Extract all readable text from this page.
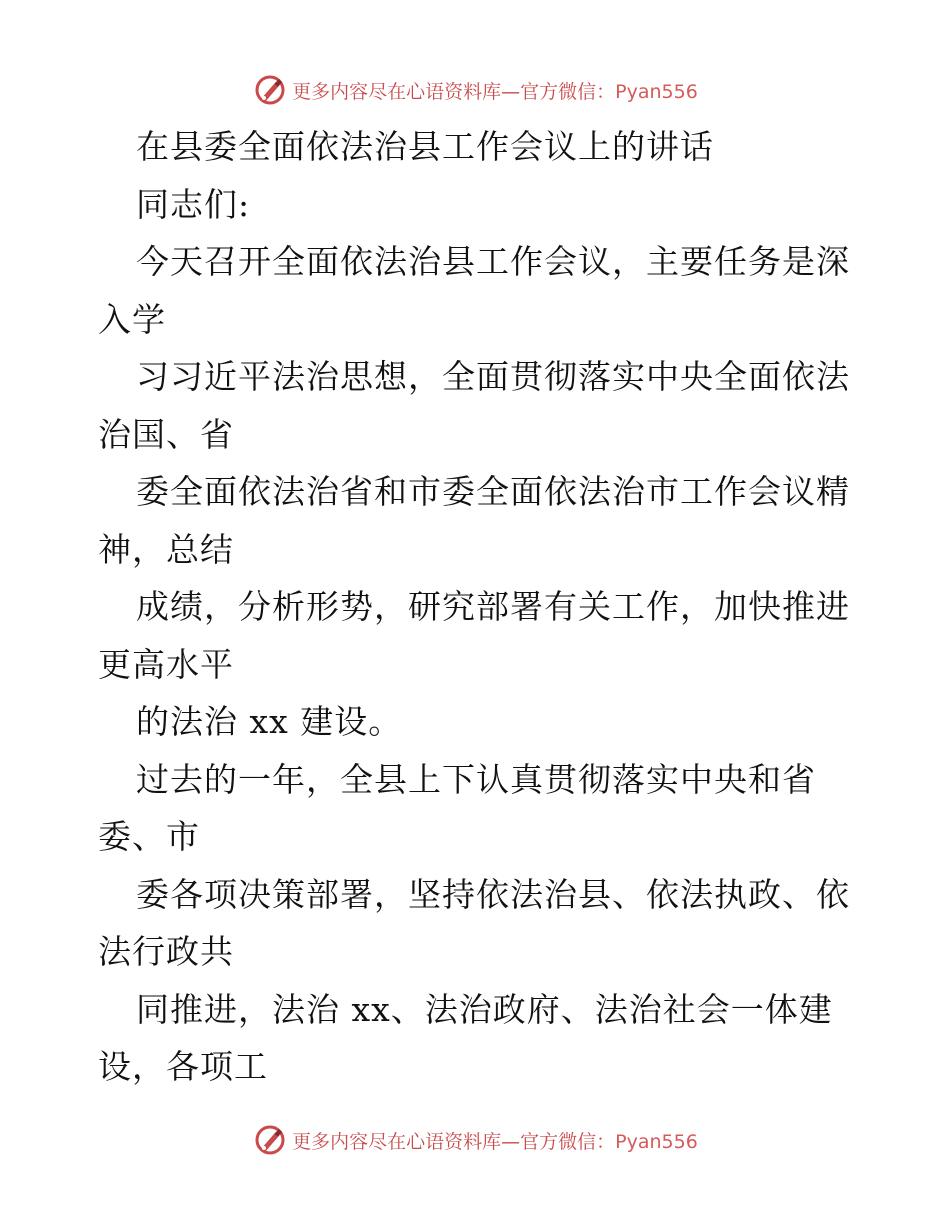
更多内容尽在心语资料库—官方微信：Pyan556
在县委全面依法治县工作会议上的讲话
同志们:
今天召开全面依法治县工作会议，主要任务是深
入学
习习近平法治思想，全面贯彻落实中央全面依法
治国、省
委全面依法治省和市委全面依法治市工作会议精
神，总结
成绩，分析形势，研究部署有关工作，加快推进
更高水平
的法治 xx 建设。
过去的一年，全县上下认真贯彻落实中央和省
委、市
委各项决策部署，坚持依法治县、依法执政、依
法行政共
同推进，法治 xx、法治政府、法治社会一体建
设，各项工
更多内容尽在心语资料库—官方微信：Pyan556
